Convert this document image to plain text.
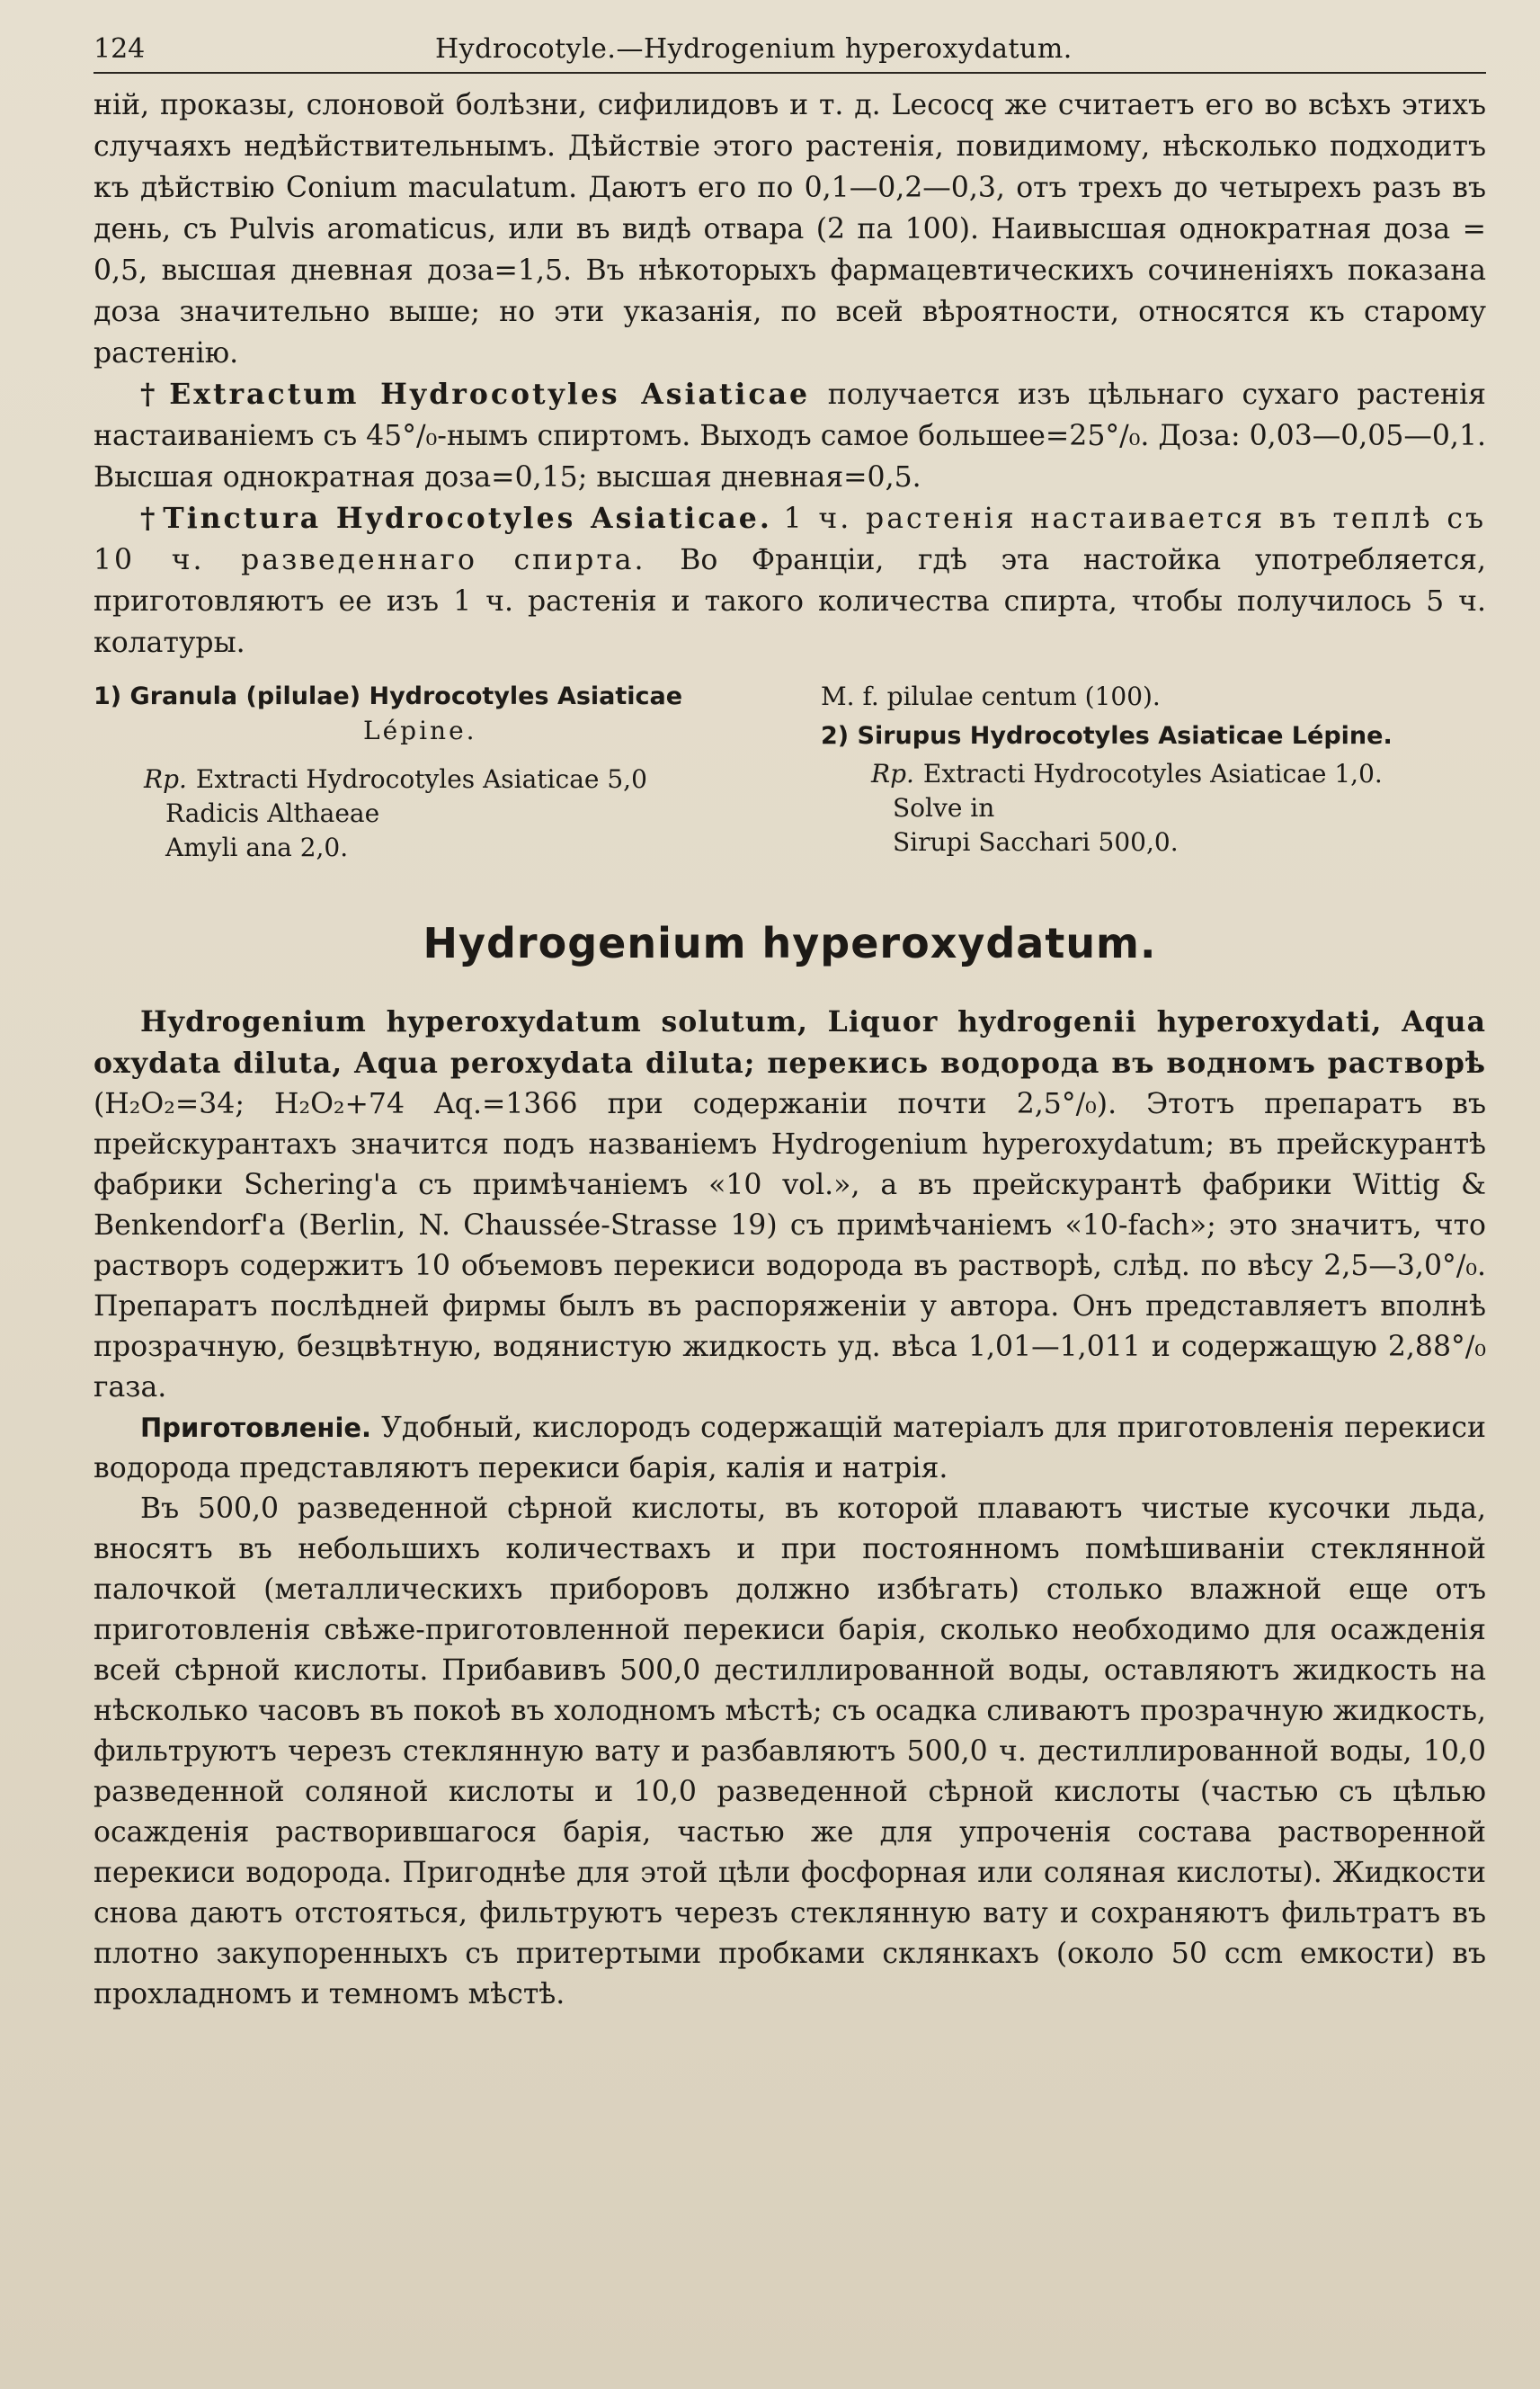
124	Hydrocotyle.—Hydrogenium hyperoxydatum.

ній, проказы, слоновой болѣзни, сифилидовъ и т. д. Lecocq же считаетъ его во всѣхъ этихъ случаяхъ недѣйствительнымъ. Дѣйствіе этого растенія, повидимому, нѣсколько подходитъ къ дѣйствію Conium maculatum. Даютъ его по 0,1—0,2—0,3, отъ трехъ до четырехъ разъ въ день, съ Pulvis aromaticus, или въ видѣ отвара (2 па 100). Наивысшая однократная доза = 0,5, высшая дневная доза=1,5. Въ нѣкоторыхъ фармацевтическихъ сочиненіяхъ показана доза значительно выше; но эти указанія, по всей вѣроятности, относятся къ старому растенію.

† Extractum Hydrocotyles Asiaticae получается изъ цѣльнаго сухаго растенія настаиваніемъ съ 45°/₀-нымъ спиртомъ. Выходъ самое большее=25°/₀. Доза: 0,03—0,05—0,1. Высшая однократная доза=0,15; высшая дневная=0,5.

† Tinctura Hydrocotyles Asiaticae. 1 ч. растенія настаивается въ теплѣ съ 10 ч. разведеннаго спирта. Во Франціи, гдѣ эта настойка употребляется, приготовляютъ ее изъ 1 ч. растенія и такого количества спирта, чтобы получилось 5 ч. колатуры.

1) Granula (pilulae) Hydrocotyles Asiaticae
Lépine.
Rp. Extracti Hydrocotyles Asiaticae 5,0
Radicis Althaeae
Amyli ana 2,0.
M. f. pilulae centum (100).
2) Sirupus Hydrocotyles Asiaticae Lépine.
Rp. Extracti Hydrocotyles Asiaticae 1,0.
Solve in
Sirupi Sacchari 500,0.
Hydrogenium hyperoxydatum.

Hydrogenium hyperoxydatum solutum, Liquor hydrogenii hyperoxydati, Aqua oxydata diluta, Aqua peroxydata diluta; перекись водорода въ водномъ растворѣ (H₂O₂=34; H₂O₂+74 Aq.=1366 при содержаніи почти 2,5°/₀). Этотъ препаратъ въ прейскурантахъ значится подъ названіемъ Hydrogenium hyperoxydatum; въ прейскурантѣ фабрики Schering'а съ примѣчаніемъ «10 vol.», а въ прейскурантѣ фабрики Wittig & Benkendorf'а (Berlin, N. Chaussée-Strasse 19) съ примѣчаніемъ «10-fach»; это значитъ, что растворъ содержитъ 10 объемовъ перекиси водорода въ растворѣ, слѣд. по вѣсу 2,5—3,0°/₀. Препаратъ послѣдней фирмы былъ въ распоряженіи у автора. Онъ представляетъ вполнѣ прозрачную, безцвѣтную, водянистую жидкость уд. вѣса 1,01—1,011 и содержащую 2,88°/₀ газа.

Приготовленіе. Удобный, кислородъ содержащій матеріалъ для приготовленія перекиси водорода представляютъ перекиси барія, калія и натрія.

Въ 500,0 разведенной сѣрной кислоты, въ которой плаваютъ чистые кусочки льда, вносятъ въ небольшихъ количествахъ и при постоянномъ помѣшиваніи стеклянной палочкой (металлическихъ приборовъ должно избѣгать) столько влажной еще отъ приготовленія свѣже-приготовленной перекиси барія, сколько необходимо для осажденія всей сѣрной кислоты. Прибавивъ 500,0 дестиллированной воды, оставляютъ жидкость на нѣсколько часовъ въ покоѣ въ холодномъ мѣстѣ; съ осадка сливаютъ прозрачную жидкость, фильтруютъ черезъ стеклянную вату и разбавляютъ 500,0 ч. дестиллированной воды, 10,0 разведенной соляной кислоты и 10,0 разведенной сѣрной кислоты (частью съ цѣлью осажденія растворившагося барія, частью же для упроченія состава растворенной перекиси водорода. Пригоднѣе для этой цѣли фосфорная или соляная кислоты). Жидкости снова даютъ отстояться, фильтруютъ черезъ стеклянную вату и сохраняютъ фильтратъ въ плотно закупоренныхъ съ притертыми пробками склянкахъ (около 50 ccm емкости) въ прохладномъ и темномъ мѣстѣ.
